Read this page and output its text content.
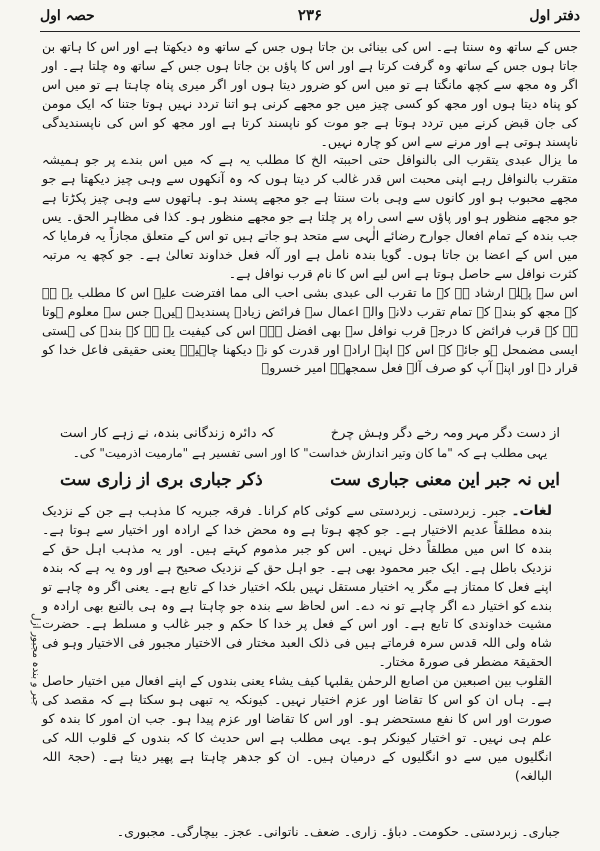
دفتر اول
۲۳۶
حصہ اول

جس کے ساتھ وہ سنتا ہے۔ اس کی بینائی بن جاتا ہوں جس کے ساتھ وہ دیکھتا ہے اور اس کا ہاتھ بن جاتا ہوں جس کے ساتھ وہ گرفت کرتا ہے اور اس کا پاؤں بن جاتا ہوں جس کے ساتھ وہ چلتا ہے۔ اور اگر وہ مجھ سے کچھ مانگتا ہے تو میں اس کو ضرور دیتا ہوں اور اگر میری پناہ چاہتا ہے تو میں اس کو پناہ دیتا ہوں اور مجھ کو کسی چیز میں جو مجھے کرنی ہو اتنا تردد نہیں ہوتا جتنا کہ ایک مومن کی جان قبض کرنے میں تردد ہوتا ہے جو موت کو ناپسند کرتا ہے اور مجھ کو اس کی ناپسندیدگی ناپسند ہوتی ہے اور مرنے سے اس کو چارہ نہیں۔

ما یزال عبدی یتقرب الی بالنوافل حتی احببتہ الخ کا مطلب یہ ہے کہ میں اس بندے پر جو ہمیشہ متقرب بالنوافل رہے اپنی محبت اس قدر غالب کر دیتا ہوں کہ وہ آنکھوں سے وہی چیز دیکھتا ہے جو مجھے محبوب ہو اور کانوں سے وہی بات سنتا ہے جو مجھے پسند ہو۔ ہاتھوں سے وہی چیز پکڑتا ہے جو مجھے منظور ہو اور پاؤں سے اسی راہ پر چلتا ہے جو مجھے منظور ہو۔ کذا فی مظاہر الحق۔ یس جب بندہ کے تمام افعال جوارح رضائے الٰہی سے متحد ہو جاتے ہیں تو اس کے متعلق مجازاً یہ فرمایا کہ میں اس کے اعضا بن جاتا ہوں۔ گویا بندہ نامل ہے اور آلہ فعل خداوند تعالیٰ ہے۔ جو کچھ یہ مرتبہ کثرت نوافل سے حاصل ہوتا ہے اس لیے اس کا نام قرب نوافل ہے۔

اس سے پہلے ارشاد ہے کہ ما تقرب الی عبدی بشی احب الی مما افترضت علیہ اس کا مطلب یہ ہے کہ مجھ کو بندے کے تمام تقرب دلانے والے اعمال سے فرائض زیادہ پسندیدہ ہیں۔ جس سے معلوم ہوتا ہے کہ قرب فرائض کا درجہ قرب نوافل سے بھی افضل ہے۔ اس کی کیفیت یہ ہے کہ بندے کی ہستی ایسی مضمحل ہو جائے کہ اس کے اپنے ارادے اور قدرت کو نہ دیکھنا چاہیے۔ یعنی حقیقی فاعل خدا کو قرار دے اور اپنے آپ کو صرف آلہ فعل سمجھے۔ امیر خسروؒ

از دست دگر مہر ومہ رخے دگر وہش چرخ
کہ دائرہ زندگانی بندہ، نے زہے کار است
یہی مطلب ہے کہ "ما کان وتیر اندازش خداست" کا اور اسی تفسیر ہے "مارمیت اذرمیت" کی۔
ایں نہ جبر این معنی جباری ست
ذکر جباری بری از زاری ست

لغات۔ جبر۔ زبردستی۔ زبردستی سے کوئی کام کرانا۔ فرقہ جبریہ کا مذہب ہے جن کے نزدیک بندہ مطلقاً عدیم الاختیار ہے۔ جو کچھ ہوتا ہے وہ محض خدا کے ارادہ اور اختیار سے ہوتا ہے۔ بندہ کا اس میں مطلقاً دخل نہیں۔ اس کو جبر مذموم کہتے ہیں۔ اور یہ مذہب اہل حق کے نزدیک باطل ہے۔ ایک جبر محمود بھی ہے۔ جو اہل حق کے نزدیک صحیح ہے اور وہ یہ ہے کہ بندہ اپنے فعل کا ممتاز ہے مگر یہ اختیار مستقل نہیں بلکہ اختیار خدا کے تابع ہے۔ یعنی اگر وہ چاہے تو بندے کو اختیار دے اگر چاہے تو نہ دے۔ اس لحاظ سے بندہ جو چاہتا ہے وہ ہی بالتبع بھی ارادہ و مشیت خداوندی کا تابع ہے۔ اور اس کے فعل پر خدا کا حکم و جبر غالب و مسلط ہے۔ حضرت شاہ ولی اللہ قدس سرہ فرماتے ہیں فی ذلک العبد مختار فی الاختیار مجبور فی الاختیار وہو فی الحقیقۃ مضطر فی صورۃ مختار۔

القلوب بین اصبعین من اصابع الرحمٰن یقلبہا کیف یشاء یعنی بندوں کے اپنے افعال میں اختیار حاصل ہے۔ ہاں ان کو اس کا تقاضا اور عزم اختیار نہیں۔ کیونکہ یہ تبھی ہو سکتا ہے کہ مقصد کی صورت اور اس کا نفع مستحضر ہو۔ اور اس کا تقاضا اور عزم پیدا ہو۔ جب ان امور کا بندہ کو علم ہی نہیں۔ تو اختیار کیونکر ہو۔ یہی مطلب ہے اس حدیث کا کہ بندوں کے قلوب اللہ کی انگلیوں میں سے دو انگلیوں کے درمیان ہیں۔ ان کو جدھر چاہتا ہے پھیر دیتا ہے۔ (حجۃ اللہ البالغہ)

جبر و بندہ مجبور ازل
جباری۔ زبردستی۔ حکومت۔ دباؤ۔ زاری۔ ضعف۔ ناتوانی۔ عجز۔ بیچارگی۔ مجبوری۔
